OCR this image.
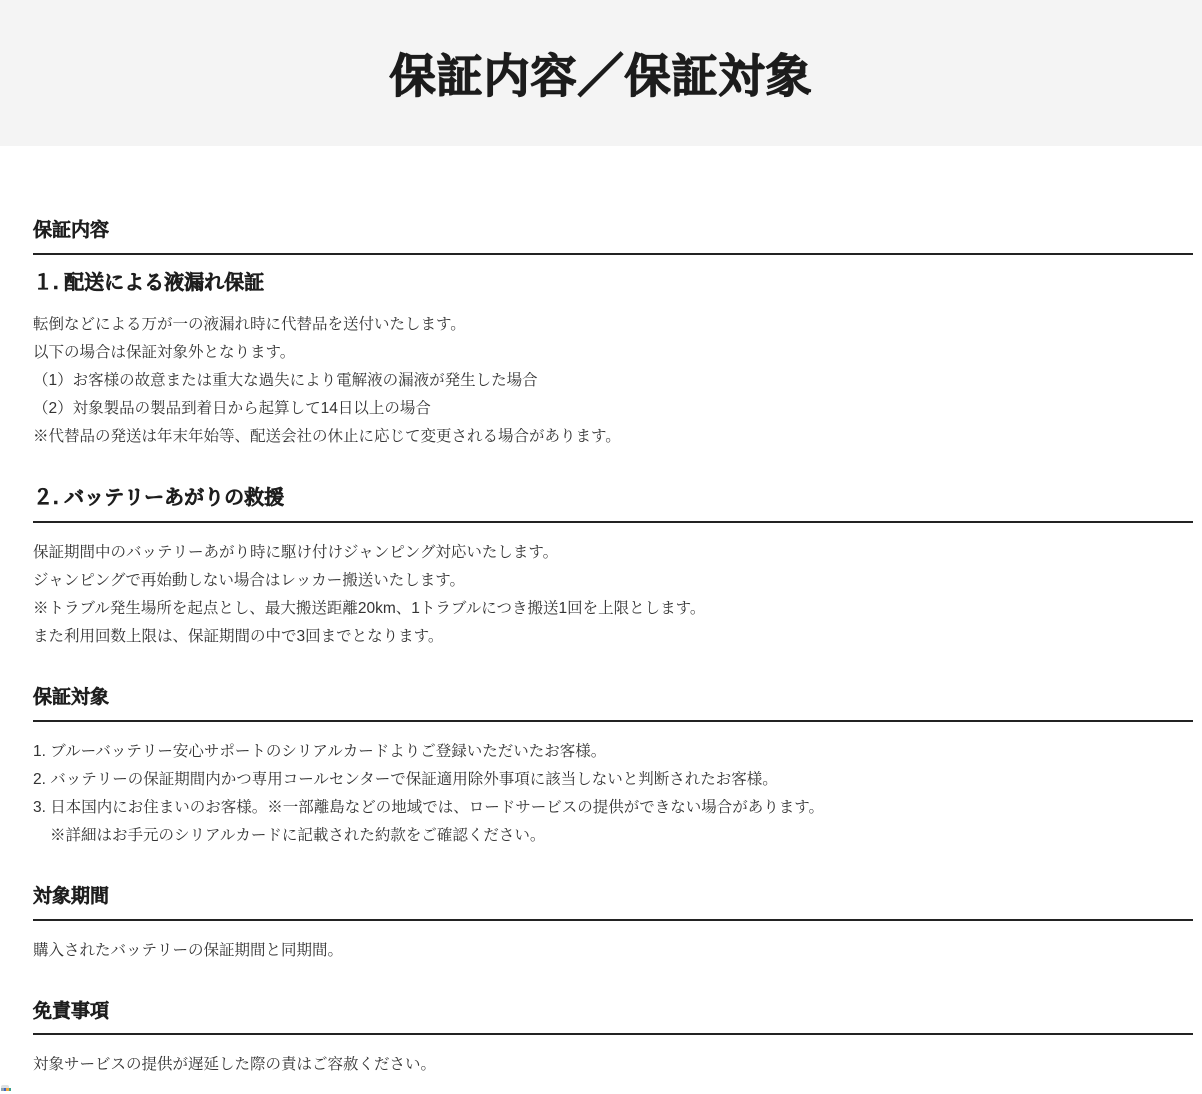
保証内容／保証対象
保証内容
１. 配送による液漏れ保証
転倒などによる万が一の液漏れ時に代替品を送付いたします。
以下の場合は保証対象外となります。
（1）お客様の故意または重大な過失により電解液の漏液が発生した場合
（2）対象製品の製品到着日から起算して14日以上の場合
※代替品の発送は年末年始等、配送会社の休止に応じて変更される場合があります。
２. バッテリーあがりの救援
保証期間中のバッテリーあがり時に駆け付けジャンピング対応いたします。
ジャンピングで再始動しない場合はレッカー搬送いたします。
※トラブル発生場所を起点とし、最大搬送距離20km、1トラブルにつき搬送1回を上限とします。
また利用回数上限は、保証期間の中で3回までとなります。
保証対象
1. ブルーバッテリー安心サポートのシリアルカードよりご登録いただいたお客様。
2. バッテリーの保証期間内かつ専用コールセンターで保証適用除外事項に該当しないと判断されたお客様。
3. 日本国内にお住まいのお客様。※一部離島などの地域では、ロードサービスの提供ができない場合があります。
※詳細はお手元のシリアルカードに記載された約款をご確認ください。
対象期間
購入されたバッテリーの保証期間と同期間。
免責事項
対象サービスの提供が遅延した際の責はご容赦ください。
